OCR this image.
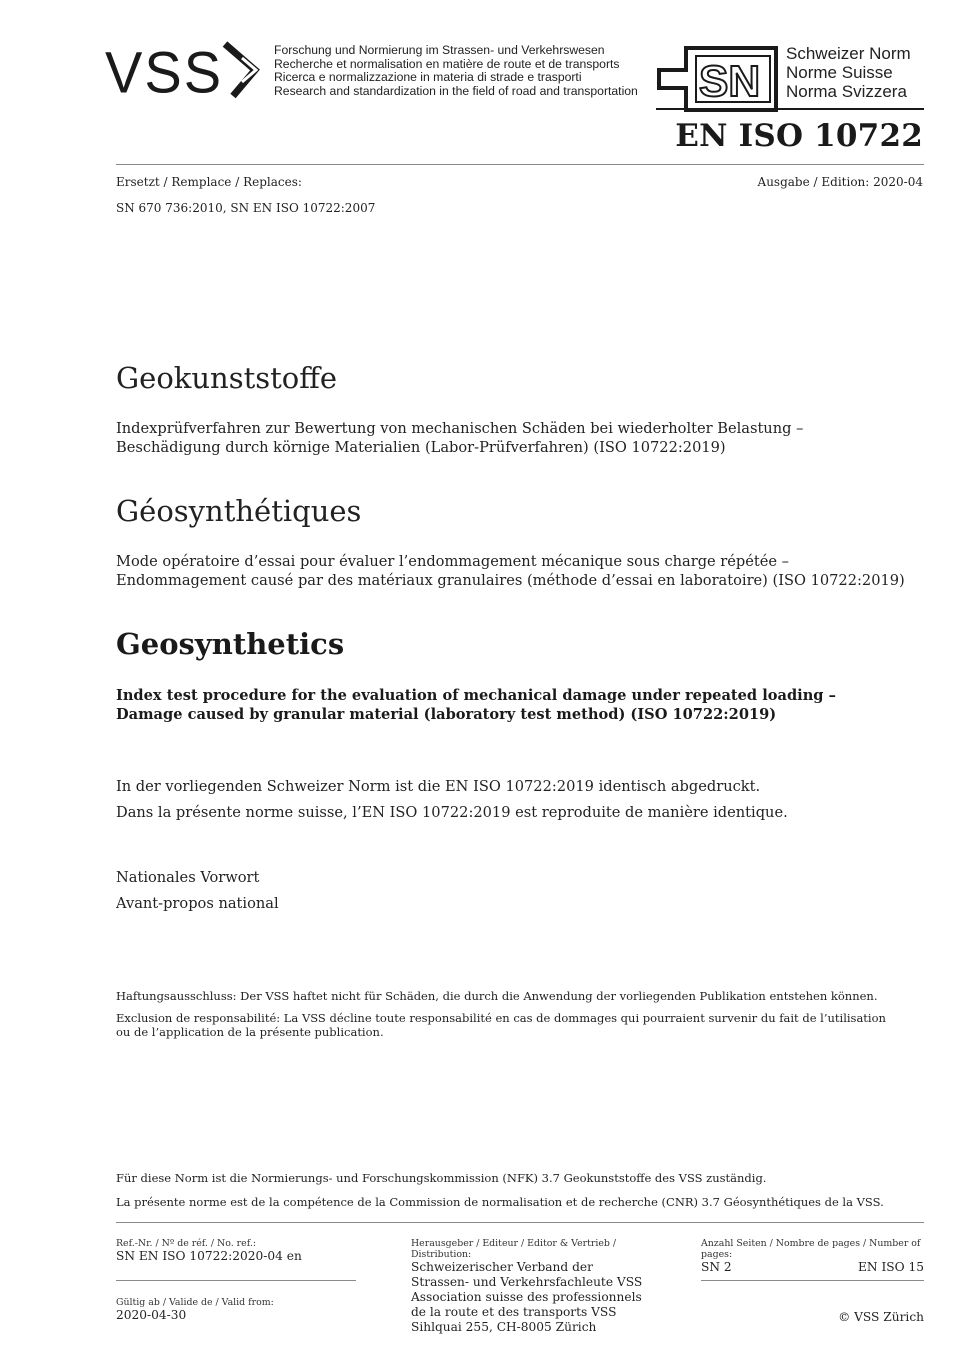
VSS	Forschung und Normierung im Strassen- und Verkehrswesen
Recherche et normalisation en matière de route et de transports
Ricerca e normalizzazione in materia di strade e trasporti
Research and standardization in the field of road and transportation SN
Schweizer Norm
Norme Suisse
Norma Svizzera
EN ISO 10722
Ersetzt / Remplace / Replaces:	Ausgabe / Edition: 2020-04
SN 670 736:2010, SN EN ISO 10722:2007
Geokunststoffe
Indexprüfverfahren zur Bewertung von mechanischen Schäden bei wiederholter Belastung –
Beschädigung durch körnige Materialien (Labor-Prüfverfahren) (ISO 10722:2019)
Géosynthétiques
Mode opératoire d’essai pour évaluer l’endommagement mécanique sous charge répétée –
Endommagement causé par des matériaux granulaires (méthode d’essai en laboratoire) (ISO 10722:2019)
Geosynthetics
Index test procedure for the evaluation of mechanical damage under repeated loading –
Damage caused by granular material (laboratory test method) (ISO 10722:2019)
In der vorliegenden Schweizer Norm ist die EN ISO 10722:2019 identisch abgedruckt.
Dans la présente norme suisse, l’EN ISO 10722:2019 est reproduite de manière identique.
Nationales Vorwort
Avant-propos national
Haftungsausschluss: Der VSS haftet nicht für Schäden, die durch die Anwendung der vorliegenden Publikation entstehen können.
Exclusion de responsabilité: La VSS décline toute responsabilité en cas de dommages qui pourraient survenir du fait de l’utilisation
ou de l’application de la présente publication.
Für diese Norm ist die Normierungs- und Forschungskommission (NFK) 3.7 Geokunststoffe des VSS zuständig.
La présente norme est de la compétence de la Commission de normalisation et de recherche (CNR) 3.7 Géosynthétiques de la VSS.
Ref.-Nr. / Nº de réf. / No. ref.:
SN EN ISO 10722:2020-04 en
Gültig ab / Valide de / Valid from:
2020-04-30
Herausgeber / Editeur / Editor & Vertrieb / Distribution:
Schweizerischer Verband der
Strassen- und Verkehrsfachleute VSS
Association suisse des professionnels
de la route et des transports VSS
Sihlquai 255, CH-8005 Zürich
Anzahl Seiten / Nombre de pages / Number of pages:
SN 2	EN ISO 15
© VSS Zürich
